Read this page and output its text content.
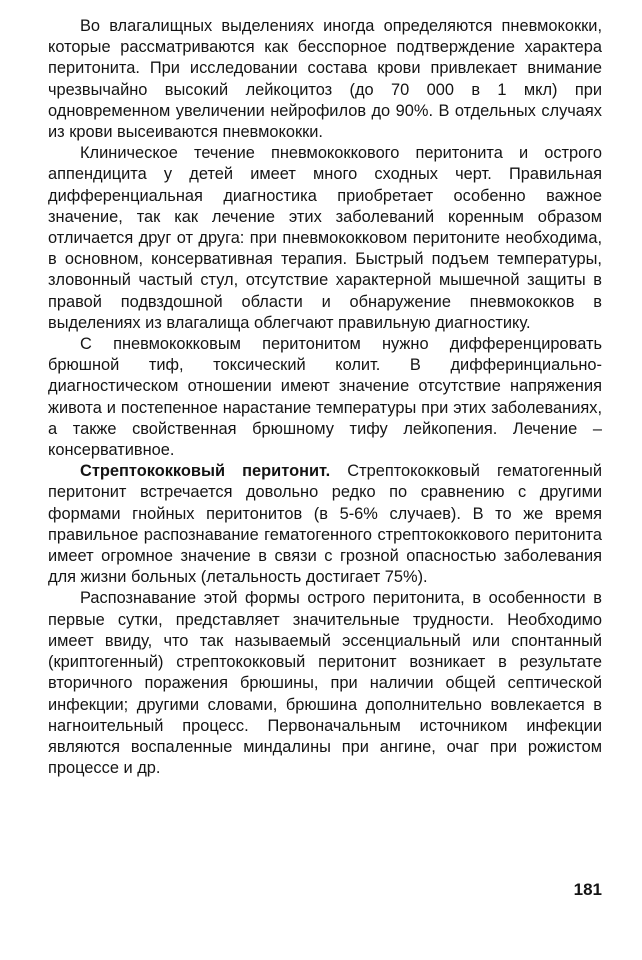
Во влагалищных выделениях иногда определяются пневмококки, которые рассматриваются как бесспорное подтверждение характера перитонита. При исследовании состава крови привлекает внимание чрезвычайно высокий лейкоцитоз (до 70 000 в 1 мкл) при одновременном увеличении нейрофилов до 90%. В отдельных случаях из крови высеиваются пневмококки.

Клиническое течение пневмококкового перитонита и острого аппендицита у детей имеет много сходных черт. Правильная дифференциальная диагностика приобретает особенно важное значение, так как лечение этих заболеваний коренным образом отличается друг от друга: при пневмококковом перитоните необходима, в основном, консервативная терапия. Быстрый подъем температуры, зловонный частый стул, отсутствие характерной мышечной защиты в правой подвздошной области и обнаружение пневмококков в выделениях из влагалища облегчают правильную диагностику.

С пневмококковым перитонитом нужно дифференцировать брюшной тиф, токсический колит. В дифферинциально-диагностическом отношении имеют значение отсутствие напряжения живота и постепенное нарастание температуры при этих заболеваниях, а также свойственная брюшному тифу лейкопения. Лечение – консервативное.

Стрептококковый перитонит. Стрептококковый гематогенный перитонит встречается довольно редко по сравнению с другими формами гнойных перитонитов (в 5-6% случаев). В то же время правильное распознавание гематогенного стрептококкового перитонита имеет огромное значение в связи с грозной опасностью заболевания для жизни больных (летальность достигает 75%).

Распознавание этой формы острого перитонита, в особенности в первые сутки, представляет значительные трудности. Необходимо имеет ввиду, что так называемый эссенциальный или спонтанный (криптогенный) стрептококковый перитонит возникает в результате вторичного поражения брюшины, при наличии общей септической инфекции; другими словами, брюшина дополнительно вовлекается в нагноительный процесс. Первоначальным источником инфекции являются воспаленные миндалины при ангине, очаг при рожистом процессе и др.

181
